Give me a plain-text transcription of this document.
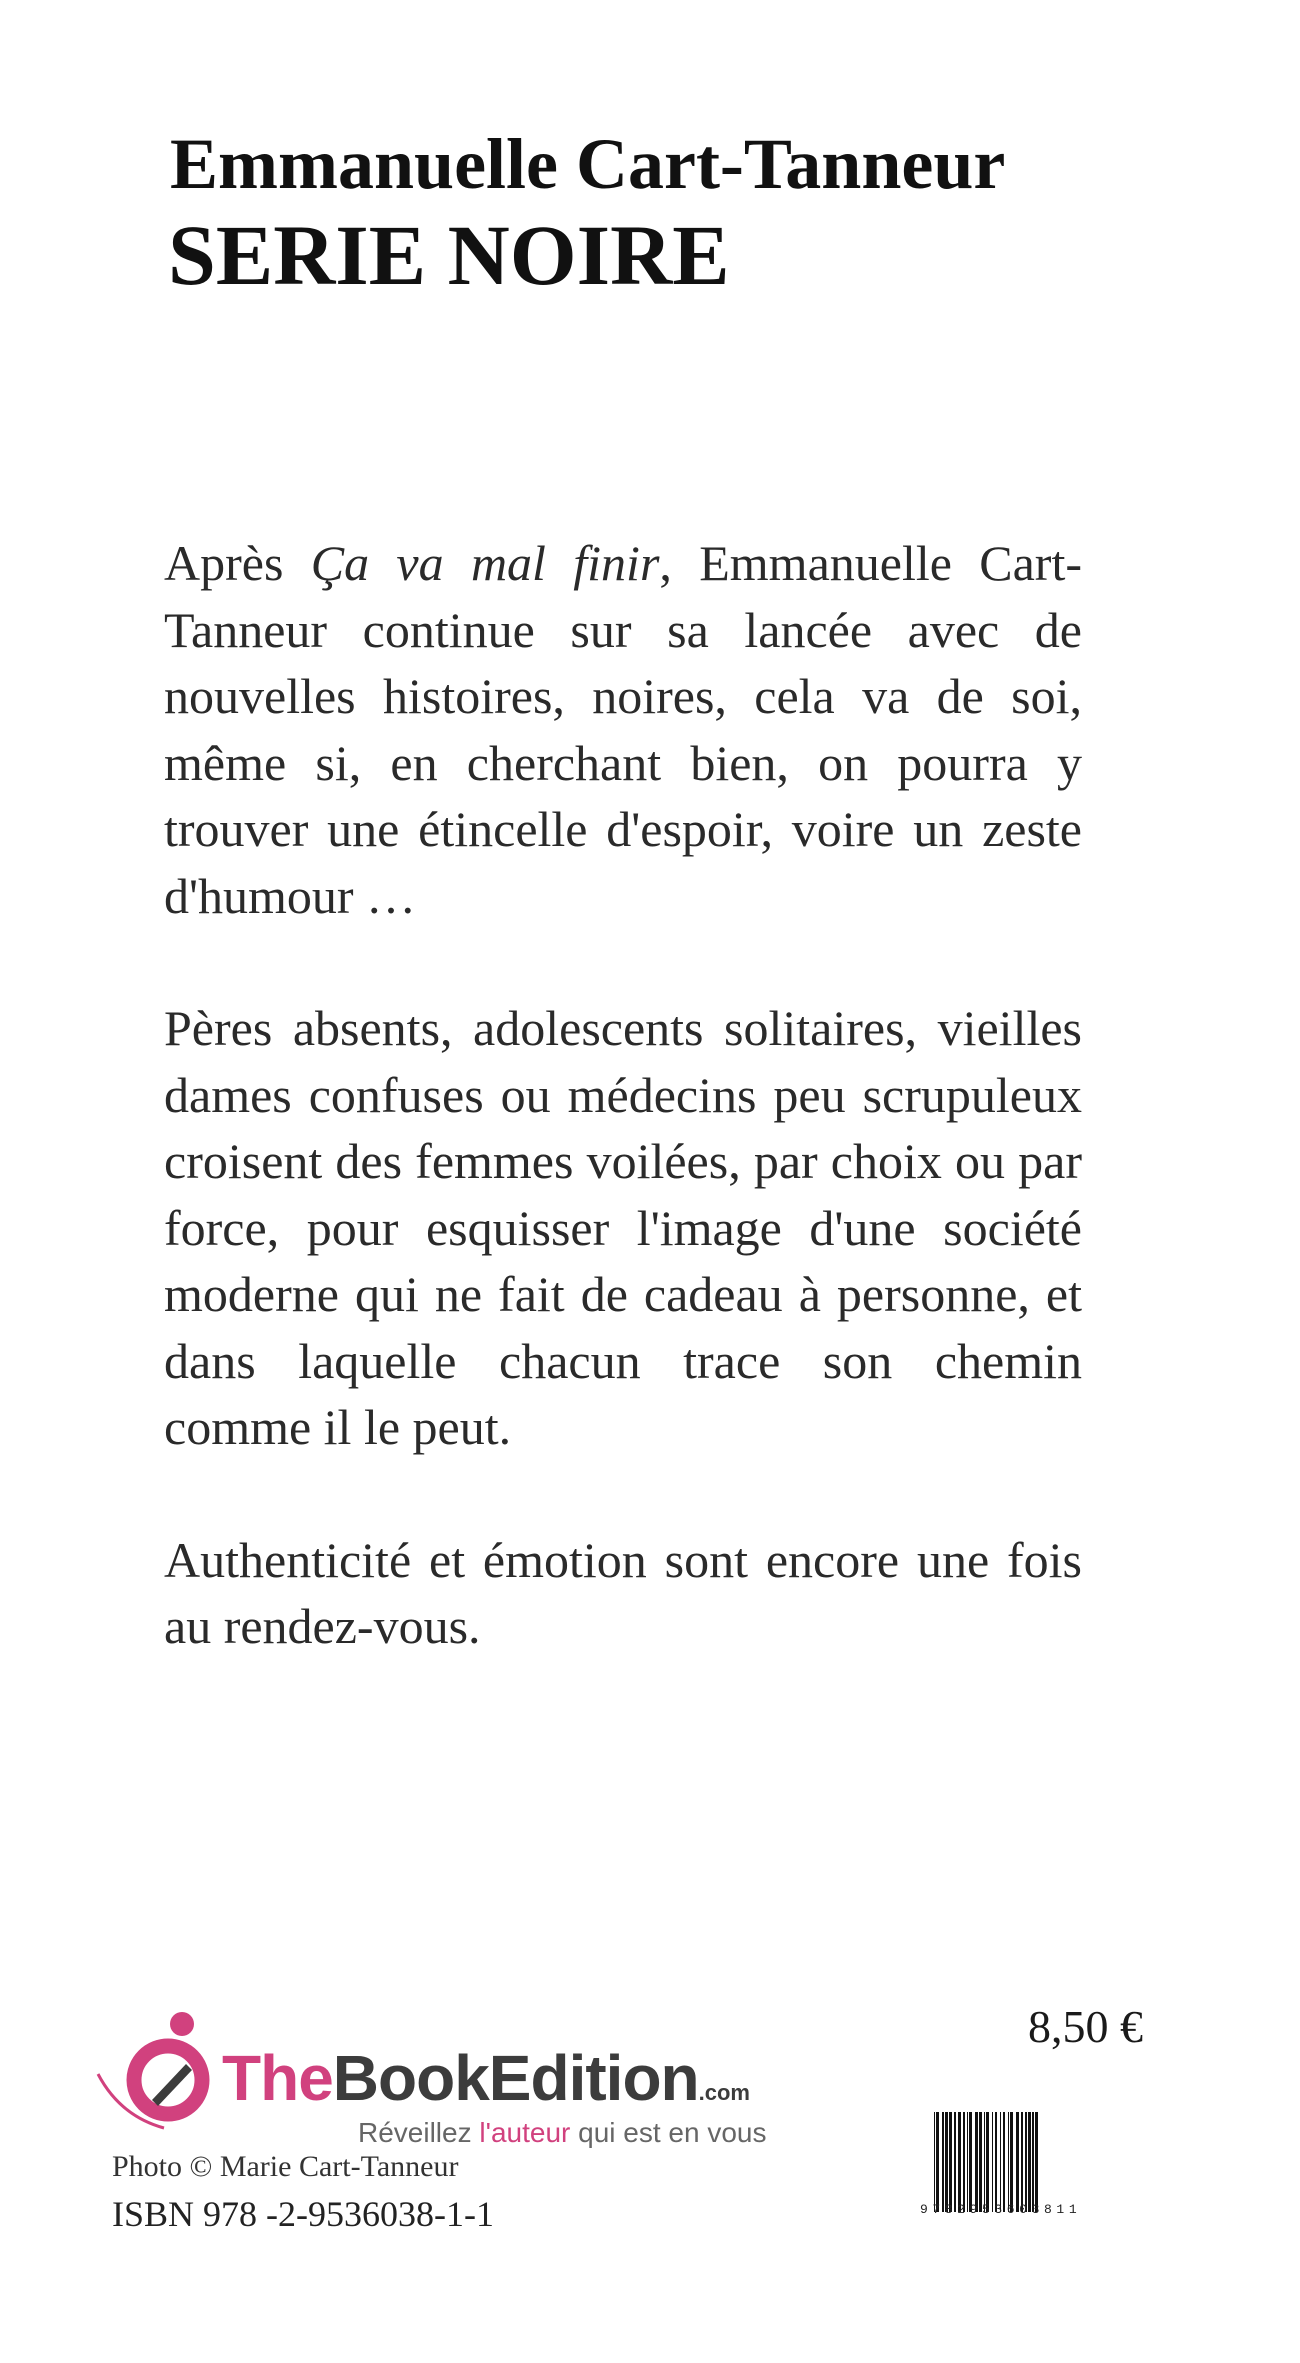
Emmanuelle Cart-Tanneur
SERIE NOIRE

Après Ça va mal finir, Emmanuelle Cart-Tanneur continue sur sa lancée avec de nouvelles histoires, noires, cela va de soi, même si, en cherchant bien, on pourra y trouver une étincelle d'espoir, voire un zeste d'humour …

Pères absents, adolescents solitaires, vieilles dames confuses ou médecins peu scrupuleux croisent des femmes voilées, par choix ou par force, pour esquisser l'image d'une société moderne qui ne fait de cadeau à personne, et dans laquelle chacun trace son chemin comme il le peut.

Authenticité et émotion sont encore une fois au rendez-vous.

TheBookEdition.com
Réveillez l'auteur qui est en vous
Photo © Marie Cart-Tanneur
ISBN 978 -2-9536038-1-1
8,50 €
9782953603811
